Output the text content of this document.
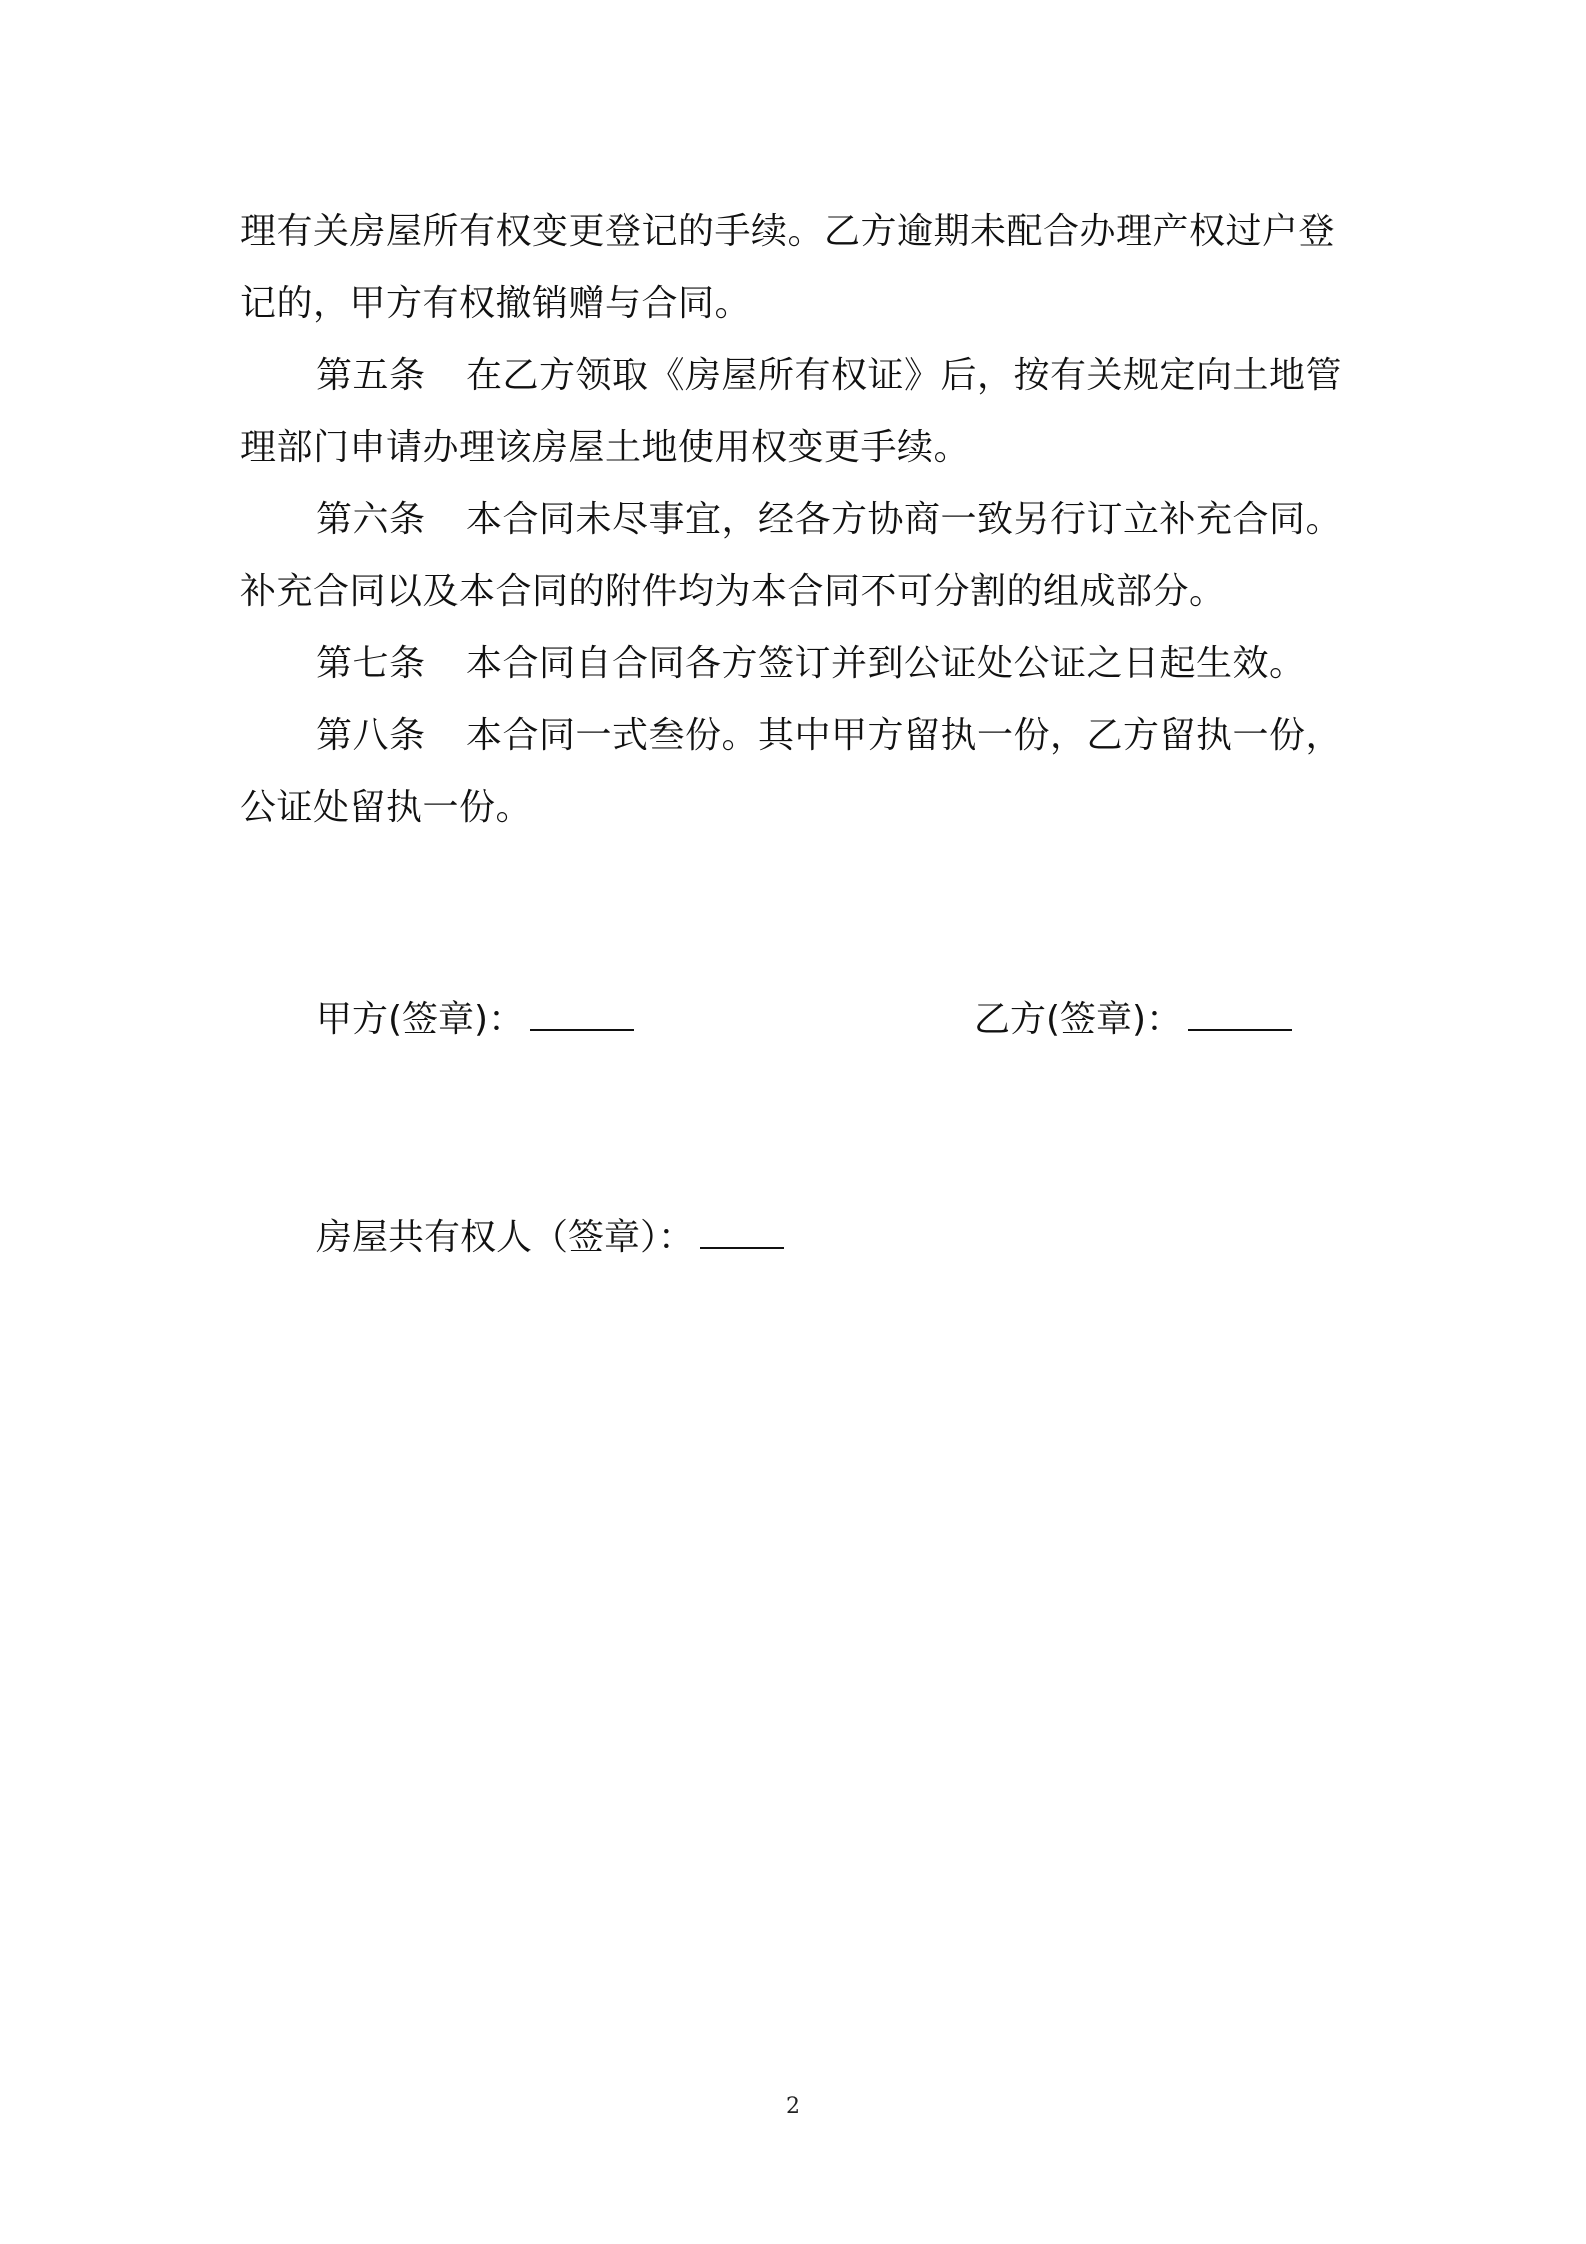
理有关房屋所有权变更登记的手续。乙方逾期未配合办理产权过户登
记的，甲方有权撤销赠与合同。
第五条 在乙方领取《房屋所有权证》后，按有关规定向土地管
理部门申请办理该房屋土地使用权变更手续。
第六条 本合同未尽事宜，经各方协商一致另行订立补充合同。
补充合同以及本合同的附件均为本合同不可分割的组成部分。
第七条 本合同自合同各方签订并到公证处公证之日起生效。
第八条 本合同一式叁份。其中甲方留执一份，乙方留执一份，
公证处留执一份。
甲方(签章)：	乙方(签章)：
房屋共有权人（签章）：
2
